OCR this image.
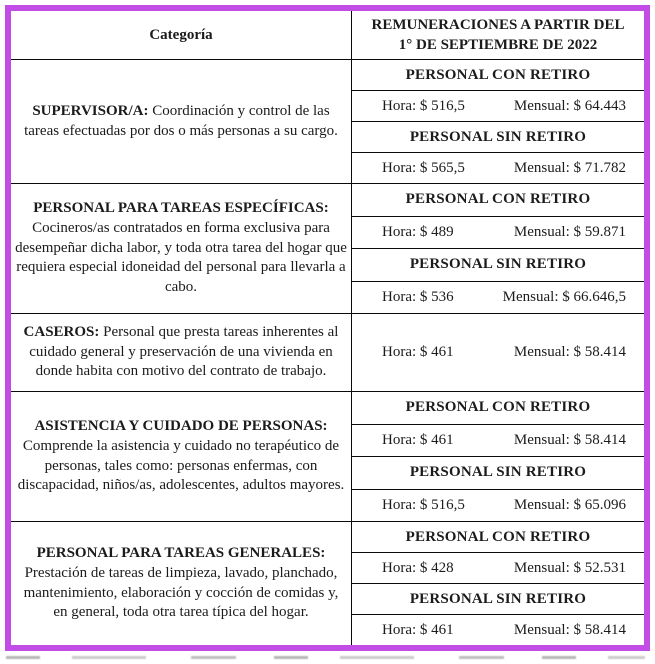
Categoría
REMUNERACIONES A PARTIR DEL 1° DE SEPTIEMBRE DE 2022

SUPERVISOR/A: Coordinación y control de las tareas efectuadas por dos o más personas a su cargo.

PERSONAL CON RETIRO
Hora: $ 516,5	Mensual: $ 64.443
PERSONAL SIN RETIRO
Hora: $ 565,5	Mensual: $ 71.782

PERSONAL PARA TAREAS ESPECÍFICAS: Cocineros/as contratados en forma exclusiva para desempeñar dicha labor, y toda otra tarea del hogar que requiera especial idoneidad del personal para llevarla a cabo.

PERSONAL CON RETIRO
Hora: $ 489	Mensual: $ 59.871
PERSONAL SIN RETIRO
Hora: $ 536	Mensual: $ 66.646,5

CASEROS: Personal que presta tareas inherentes al cuidado general y preservación de una vivienda en donde habita con motivo del contrato de trabajo.

Hora: $ 461	Mensual: $ 58.414

ASISTENCIA Y CUIDADO DE PERSONAS: Comprende la asistencia y cuidado no terapéutico de personas, tales como: personas enfermas, con discapacidad, niños/as, adolescentes, adultos mayores.

PERSONAL CON RETIRO
Hora: $ 461	Mensual: $ 58.414
PERSONAL SIN RETIRO
Hora: $ 516,5	Mensual: $ 65.096

PERSONAL PARA TAREAS GENERALES: Prestación de tareas de limpieza, lavado, planchado, mantenimiento, elaboración y cocción de comidas y, en general, toda otra tarea típica del hogar.

PERSONAL CON RETIRO
Hora: $ 428	Mensual: $ 52.531
PERSONAL SIN RETIRO
Hora: $ 461	Mensual: $ 58.414
